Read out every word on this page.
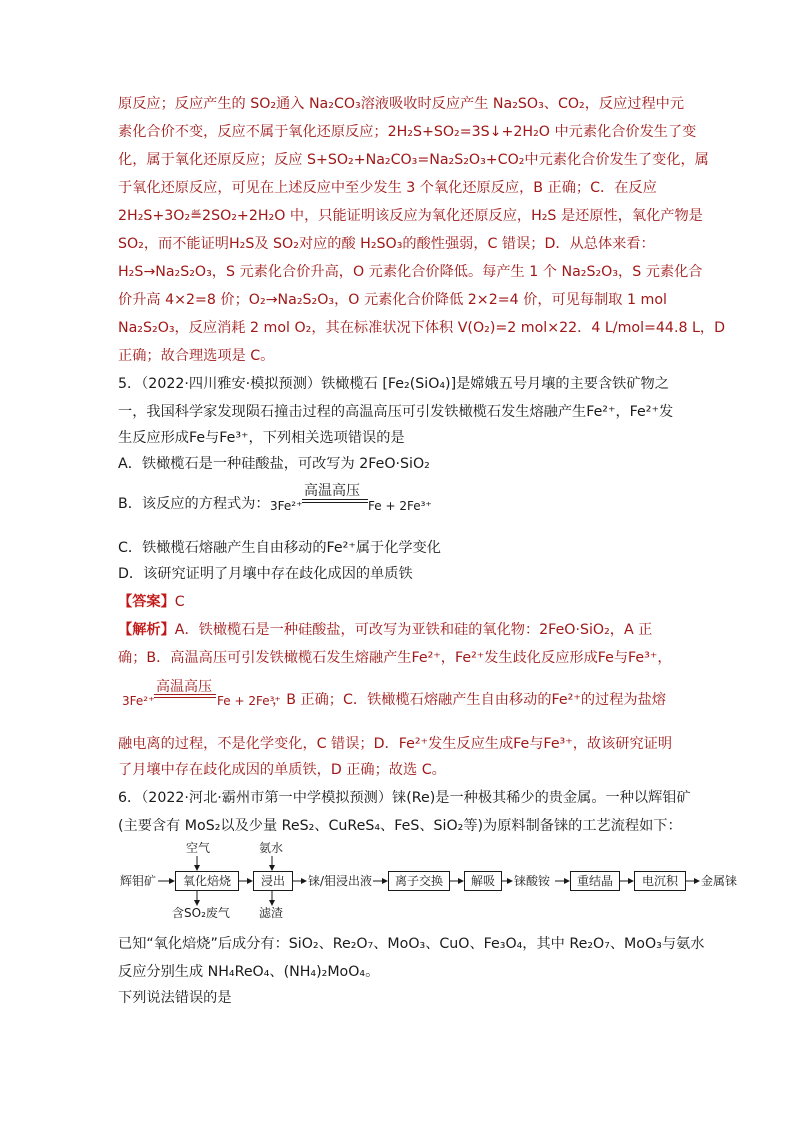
原反应；反应产生的 SO₂通入 Na₂CO₃溶液吸收时反应产生 Na₂SO₃、CO₂，反应过程中元
素化合价不变，反应不属于氧化还原反应；2H₂S+SO₂=3S↓+2H₂O 中元素化合价发生了变
化，属于氧化还原反应；反应 S+SO₂+Na₂CO₃=Na₂S₂O₃+CO₂中元素化合价发生了变化，属
于氧化还原反应，可见在上述反应中至少发生 3 个氧化还原反应，B 正确；C．在反应
2H₂S+3O₂≝2SO₂+2H₂O 中，只能证明该反应为氧化还原反应，H₂S 是还原性，氧化产物是
SO₂，而不能证明H₂S及 SO₂对应的酸 H₂SO₃的酸性强弱，C 错误；D．从总体来看：
H₂S→Na₂S₂O₃，S 元素化合价升高，O 元素化合价降低。每产生 1 个 Na₂S₂O₃，S 元素化合
价升高 4×2=8 价；O₂→Na₂S₂O₃，O 元素化合价降低 2×2=4 价，可见每制取 1 mol
Na₂S₂O₃，反应消耗 2 mol O₂，其在标准状况下体积 V(O₂)=2 mol×22．4 L/mol=44.8 L，D
正确；故合理选项是 C。
5．（2022·四川雅安·模拟预测）铁橄榄石 [Fe₂(SiO₄)]是嫦娥五号月壤的主要含铁矿物之
一，我国科学家发现陨石撞击过程的高温高压可引发铁橄榄石发生熔融产生Fe²⁺，Fe²⁺发
生反应形成Fe与Fe³⁺，下列相关选项错误的是
A．铁橄榄石是一种硅酸盐，可改写为 2FeO·SiO₂
B．该反应的方程式为： 3Fe²⁺
高温高压
Fe + 2Fe³⁺
C．铁橄榄石熔融产生自由移动的Fe²⁺属于化学变化
D．该研究证明了月壤中存在歧化成因的单质铁
【答案】C
【解析】A．铁橄榄石是一种硅酸盐，可改写为亚铁和硅的氧化物：2FeO·SiO₂，A 正
确；B．高温高压可引发铁橄榄石发生熔融产生Fe²⁺，Fe²⁺发生歧化反应形成Fe与Fe³⁺，
3Fe²⁺
高温高压
Fe + 2Fe³⁺
，B 正确；C．铁橄榄石熔融产生自由移动的Fe²⁺的过程为盐熔
融电离的过程，不是化学变化，C 错误；D．Fe²⁺发生反应生成Fe与Fe³⁺，故该研究证明
了月壤中存在歧化成因的单质铁，D 正确；故选 C。
6．（2022·河北·霸州市第一中学模拟预测）铼(Re)是一种极其稀少的贵金属。一种以辉钼矿
(主要含有 MoS₂以及少量 ReS₂、CuReS₄、FeS、SiO₂等)为原料制备铼的工艺流程如下：
辉钼矿
空气
氧化焙烧
含SO₂废气
氨水
浸出
滤渣
铼/钼浸出液	离子交换	解吸	铼酸铵	重结晶	电沉积	金属铼
已知“氧化焙烧”后成分有：SiO₂、Re₂O₇、MoO₃、CuO、Fe₃O₄，其中 Re₂O₇、MoO₃与氨水
反应分别生成 NH₄ReO₄、(NH₄)₂MoO₄。
下列说法错误的是
